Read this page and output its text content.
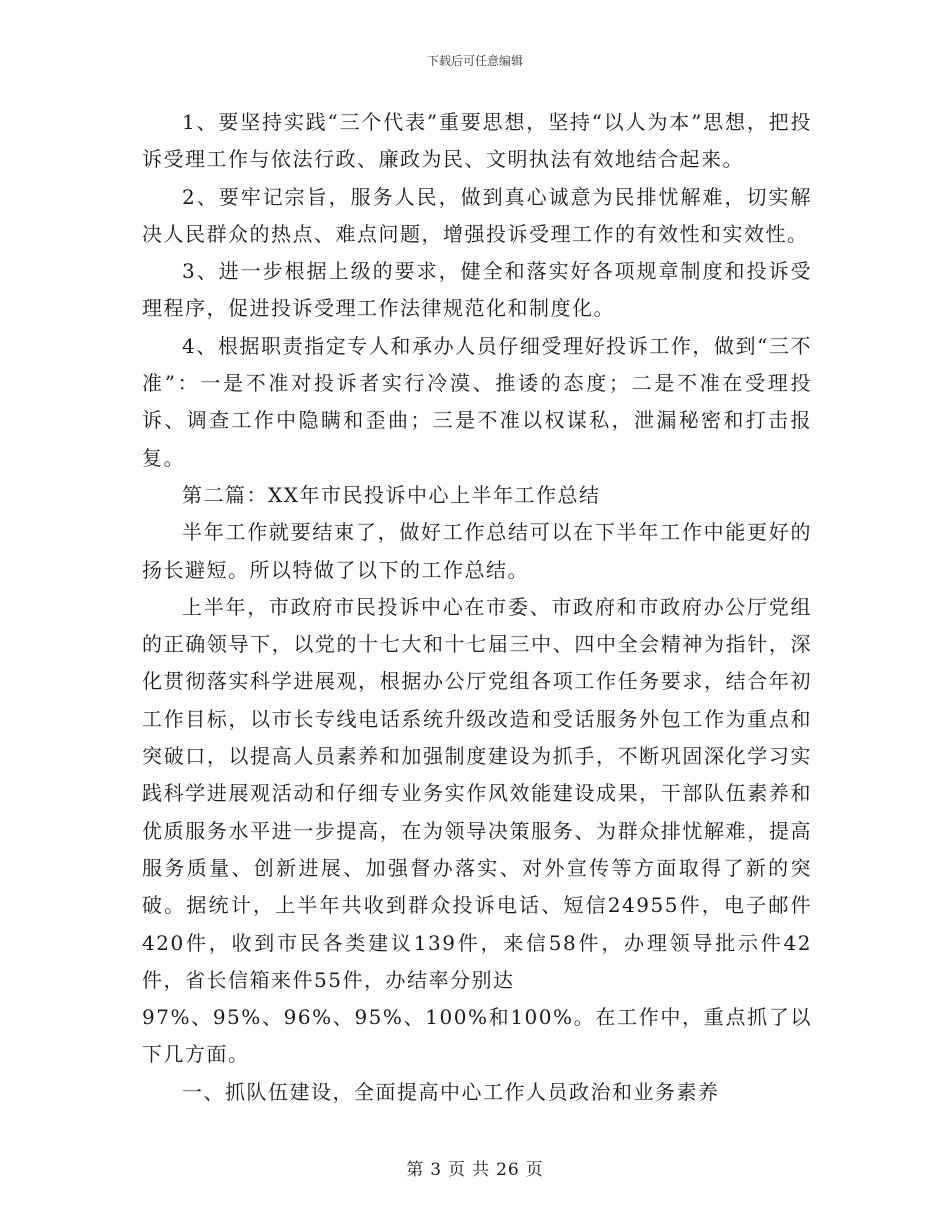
下载后可任意编辑

1、要坚持实践“三个代表”重要思想，坚持“以人为本”思想，把投诉受理工作与依法行政、廉政为民、文明执法有效地结合起来。

2、要牢记宗旨，服务人民，做到真心诚意为民排忧解难，切实解决人民群众的热点、难点问题，增强投诉受理工作的有效性和实效性。

3、进一步根据上级的要求，健全和落实好各项规章制度和投诉受理程序，促进投诉受理工作法律规范化和制度化。

4、根据职责指定专人和承办人员仔细受理好投诉工作，做到“三不准”：一是不准对投诉者实行冷漠、推诿的态度；二是不准在受理投诉、调查工作中隐瞒和歪曲；三是不准以权谋私，泄漏秘密和打击报复。

第二篇：XX年市民投诉中心上半年工作总结

半年工作就要结束了，做好工作总结可以在下半年工作中能更好的扬长避短。所以特做了以下的工作总结。

上半年，市政府市民投诉中心在市委、市政府和市政府办公厅党组的正确领导下，以党的十七大和十七届三中、四中全会精神为指针，深化贯彻落实科学进展观，根据办公厅党组各项工作任务要求，结合年初工作目标，以市长专线电话系统升级改造和受话服务外包工作为重点和突破口，以提高人员素养和加强制度建设为抓手，不断巩固深化学习实践科学进展观活动和仔细专业务实作风效能建设成果，干部队伍素养和优质服务水平进一步提高，在为领导决策服务、为群众排忧解难，提高服务质量、创新进展、加强督办落实、对外宣传等方面取得了新的突破。据统计，上半年共收到群众投诉电话、短信24955件，电子邮件420件，收到市民各类建议139件，来信58件，办理领导批示件42件，省长信箱来件55件，办结率分别达

97%、95%、96%、95%、100%和100%。在工作中，重点抓了以下几方面。

一、抓队伍建设，全面提高中心工作人员政治和业务素养

第 3 页 共 26 页
